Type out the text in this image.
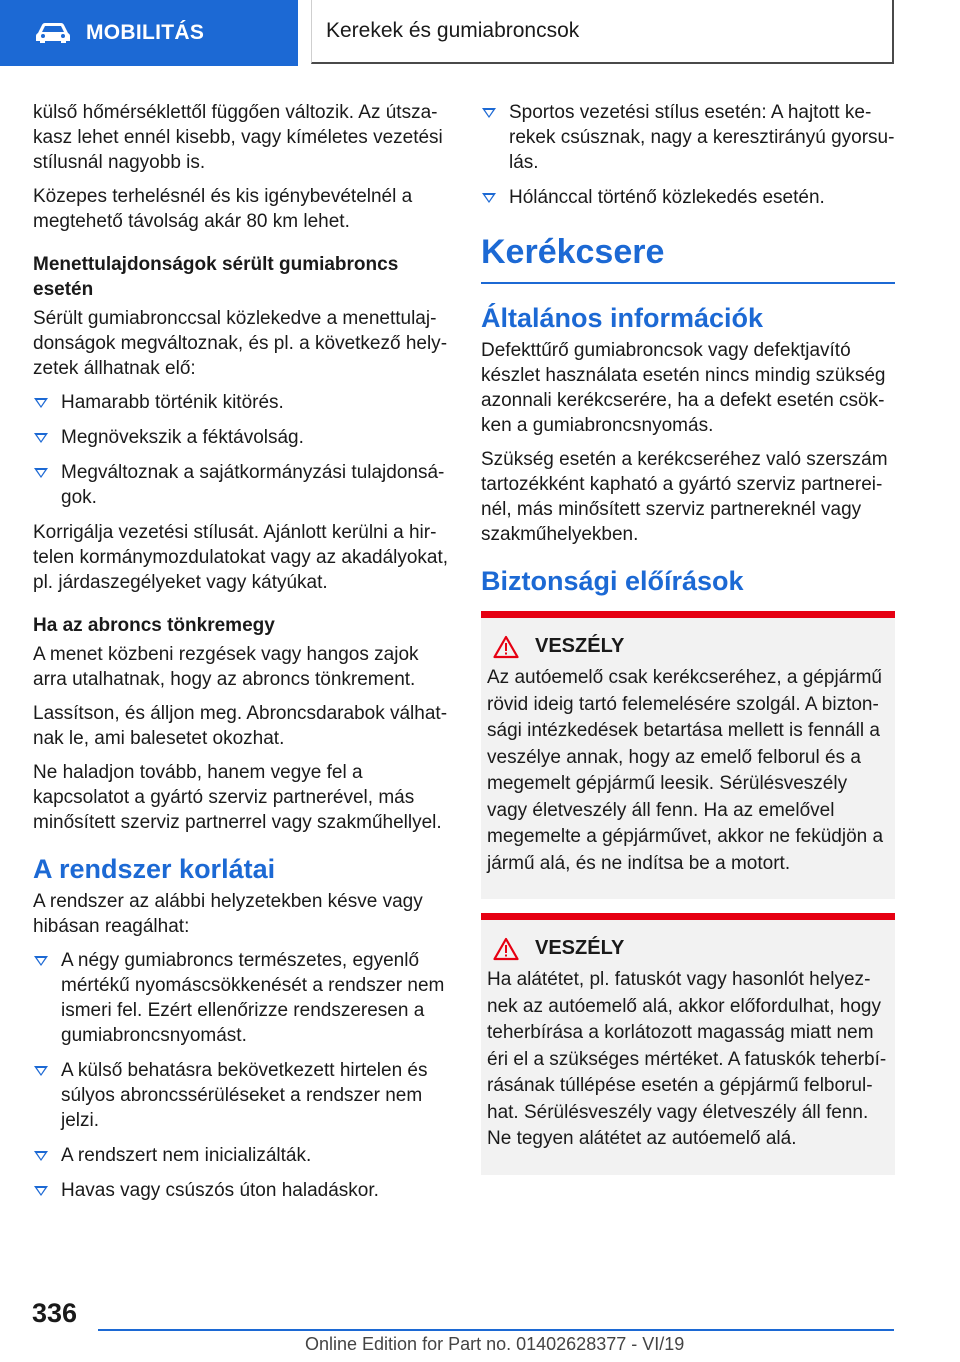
MOBILITÁS	Kerekek és gumiabroncsok

külső hőmérséklettől függően változik. Az útszakasz lehet ennél kisebb, vagy kíméletes vezetési stílusnál nagyobb is.

Közepes terhelésnél és kis igénybevételnél a megtehető távolság akár 80 km lehet.

Menettulajdonságok sérült gumiabroncs esetén

Sérült gumiabronccsal közlekedve a menettulajdonságok megváltoznak, és pl. a következő helyzetek állhatnak elő:

Hamarabb történik kitörés.
Megnövekszik a féktávolság.
Megváltoznak a sajátkormányzási tulajdonságok.

Korrigálja vezetési stílusát. Ajánlott kerülni a hirtelen kormánymozdulatokat vagy az akadályokat, pl. járdaszegélyeket vagy kátyúkat.

Ha az abroncs tönkremegy

A menet közbeni rezgések vagy hangos zajok arra utalhatnak, hogy az abroncs tönkrement.

Lassítson, és álljon meg. Abroncsdarabok válhatnak le, ami balesetet okozhat.

Ne haladjon tovább, hanem vegye fel a kapcsolatot a gyártó szerviz partnerével, más minősített szerviz partnerrel vagy szakműhellyel.

A rendszer korlátai

A rendszer az alábbi helyzetekben késve vagy hibásan reagálhat:

A négy gumiabroncs természetes, egyenlő mértékű nyomáscsökkenését a rendszer nem ismeri fel. Ezért ellenőrizze rendszeresen a gumiabroncsnyomást.
A külső behatásra bekövetkezett hirtelen és súlyos abroncssérüléseket a rendszer nem jelzi.
A rendszert nem inicializálták.
Havas vagy csúszós úton haladáskor.
Sportos vezetési stílus esetén: A hajtott kerekek csúsznak, nagy a keresztirányú gyorsulás.
Hólánccal történő közlekedés esetén.
Kerékcsere
Általános információk

Defekttűrő gumiabroncsok vagy defektjavító készlet használata esetén nincs mindig szükség azonnali kerékcserére, ha a defekt esetén csökken a gumiabroncsnyomás.

Szükség esetén a kerékcseréhez való szerszám tartozékként kapható a gyártó szerviz partnereinél, más minősített szerviz partnereknél vagy szakműhelyekben.

Biztonsági előírások
VESZÉLY
Az autóemelő csak kerékcseréhez, a gépjármű rövid ideig tartó felemelésére szolgál. A biztonsági intézkedések betartása mellett is fennáll a veszélye annak, hogy az emelő felborul és a megemelt gépjármű leesik. Sérülésveszély vagy életveszély áll fenn. Ha az emelővel megemelte a gépjárművet, akkor ne feküdjön a jármű alá, és ne indítsa be a motort.
VESZÉLY
Ha alátétet, pl. fatuskót vagy hasonlót helyeznek az autóemelő alá, akkor előfordulhat, hogy teherbírása a korlátozott magasság miatt nem éri el a szükséges mértéket. A fatuskók teherbírásának túllépése esetén a gépjármű felborulhat. Sérülésveszély vagy életveszély áll fenn. Ne tegyen alátétet az autóemelő alá.
336
Online Edition for Part no. 01402628377 - VI/19
